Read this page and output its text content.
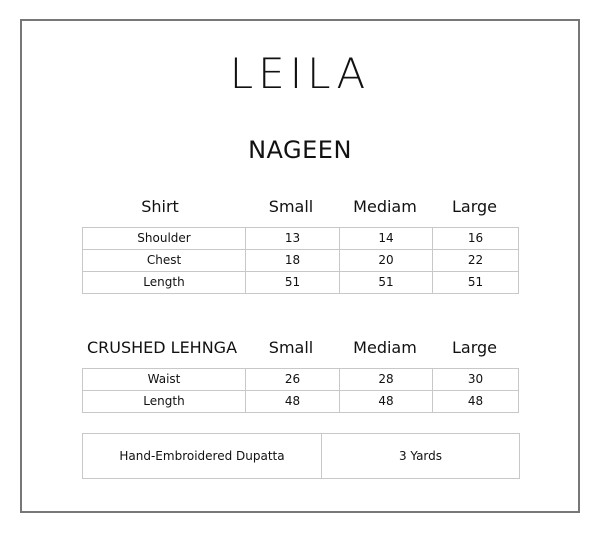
LEILA
NAGEEN
Shirt	Small	Mediam	Large
Shoulder	13	14	16
Chest	18	20	22
Length	51	51	51
CRUSHED LEHNGA	Small	Mediam	Large
Waist	26	28	30
Length	48	48	48
Hand-Embroidered Dupatta	3 Yards
